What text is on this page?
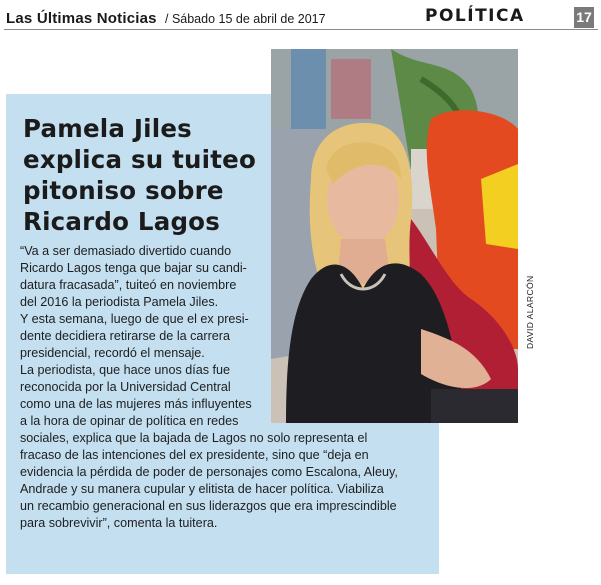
Las Últimas Noticias / Sábado 15 de abril de 2017	POLÍTICA	17
Pamela Jiles
explica su tuiteo
pitoniso sobre
Ricardo Lagos
DAVID ALARCÓN
“Va a ser demasiado divertido cuando
Ricardo Lagos tenga que bajar su candi-
datura fracasada”, tuiteó en noviembre
del 2016 la periodista Pamela Jiles.
Y esta semana, luego de que el ex presi-
dente decidiera retirarse de la carrera
presidencial, recordó el mensaje.
La periodista, que hace unos días fue
reconocida por la Universidad Central
como una de las mujeres más influyentes
a la hora de opinar de política en redes
sociales, explica que la bajada de Lagos no solo representa el
fracaso de las intenciones del ex presidente, sino que “deja en
evidencia la pérdida de poder de personajes como Escalona, Aleuy,
Andrade y su manera cupular y elitista de hacer política. Viabiliza
un recambio generacional en sus liderazgos que era imprescindible
para sobrevivir”, comenta la tuitera.
